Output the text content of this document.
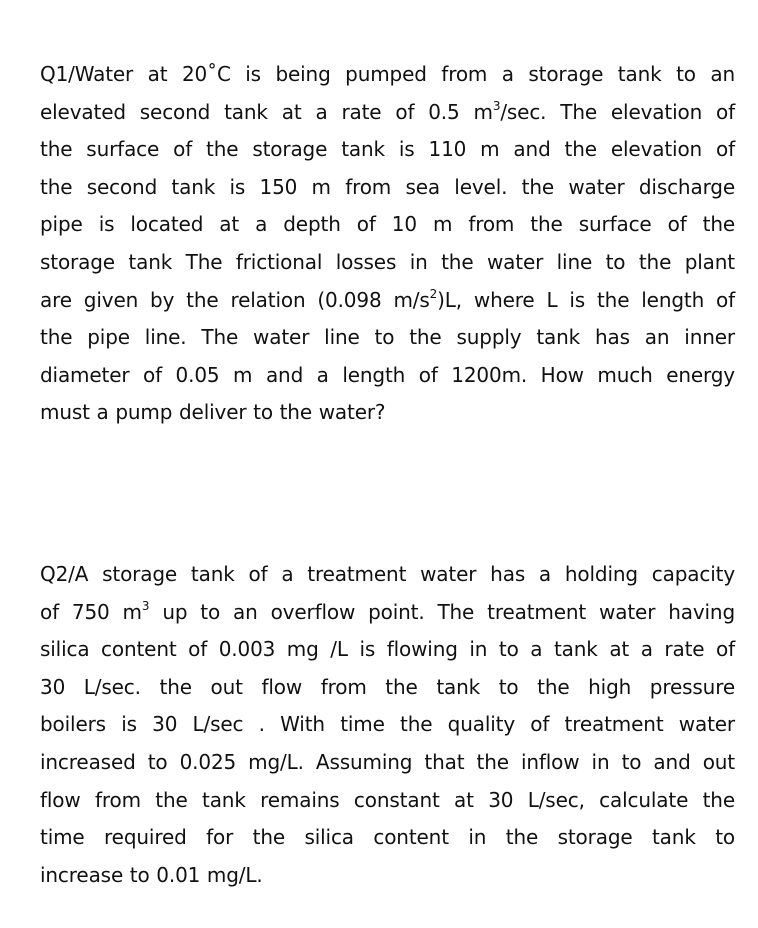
Q1/Water at 20˚C is being pumped from a storage tank to an
elevated second tank at a rate of 0.5 $m^3/\sec$. The elevation of
the surface of the storage tank is 110 m and the elevation of
the second tank is 150 m from sea level. the water discharge
pipe is located at a depth of 10 m from the surface of the
storage tank The frictional losses in the water line to the plant
are given by the relation (0.098 $m/s^2)L$, where L is the length of
the pipe line. The water line to the supply tank has an inner
diameter of 0.05 m and a length of 1200m. How much energy
must a pump deliver to the water?
Q2/A storage tank of a treatment water has a holding capacity
of 750 $m^3$ up to an overflow point. The treatment water having
silica content of 0.003 mg /L is flowing in to a tank at a rate of
30 L/sec. the out flow from the tank to the high pressure
boilers is 30 L/sec . With time the quality of treatment water
increased to 0.025 mg/L. Assuming that the inflow in to and out
flow from the tank remains constant at 30 L/sec, calculate the
time required for the silica content in the storage tank to
increase to 0.01 mg/L.
